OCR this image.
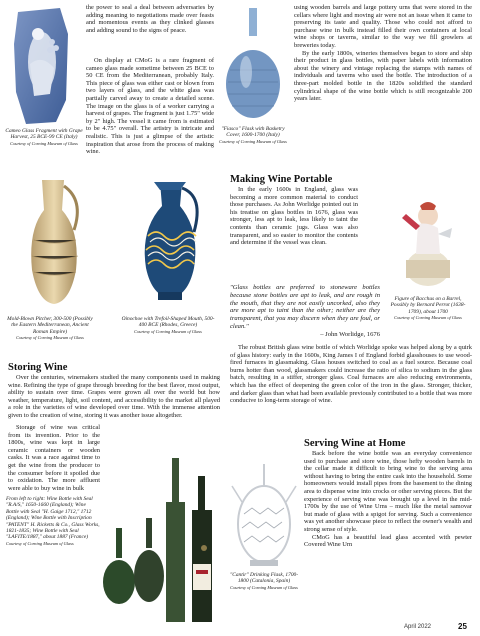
Cameo Glass Fragment with Grape Harvest, 25 BCE-99 CE (Italy)
Courtesy of Corning Museum of Glass

the power to seal a deal between adversaries by adding meaning to negotiations made over feasts and momentous events as they clinked glasses and adding sound to the signs of peace.

On display at CMoG is a rare fragment of cameo glass made sometime between 25 BCE to 50 CE from the Mediterranean, probably Italy. This piece of glass was either cast or blown from two layers of glass, and the white glass was partially carved away to create a detailed scene. The image on the glass is of a worker carrying a harvest of grapes. The fragment is just 1.75" wide by 2" high. The vessel it came from is estimated to be 4.75" overall. The artistry is intricate and realistic. This is just a glimpse of the artistic inspiration that arose from the process of making wine.

"Fiasco" Flask with Basketry Cover, 1600-1700 (Italy)
Courtesy of Corning Museum of Glass

using wooden barrels and large pottery urns that were stored in the cellars where light and moving air were not an issue when it came to preserving its taste and quality. Those who could not afford to purchase wine in bulk instead filled their own containers at local wine shops or taverns, similar to the way we fill growlers at breweries today.

By the early 1800s, wineries themselves began to store and ship their product in glass bottles, with paper labels with information about the winery and vintage replacing the stamps with names of individuals and taverns who used the bottle. The introduction of a three-part molded bottle in the 1820s solidified the standard cylindrical shape of the wine bottle which is still recognizable 200 years later.

Making Wine Portable

In the early 1600s in England, glass was becoming a more common material to conduct those purchases. As John Worlidge pointed out in his treatise on glass bottles in 1676, glass was stronger, less apt to leak, less likely to taint the contents than ceramic jugs. Glass was also transparent, and so easier to monitor the contents and determine if the vessel was clean.

Figure of Bacchus on a Barrel, Possibly by Bernard Perrot (1638-1709), about 1700
Courtesy of Corning Museum of Glass

"Glass bottles are preferred to stoneware bottles because stone bottles are apt to leak, and are rough in the mouth, that they are not easily uncorked, also they are more apt to taint than the other; neither are they transparent, that you may discern when they are foul, or clean."

– John Worlidge, 1676

Mold-Blown Pitcher, 300-500 (Possibly the Eastern Mediterranean, Ancient Roman Empire)
Courtesy of Corning Museum of Glass
Oinochoe with Trefoil-Shaped Mouth, 500-400 BCE (Rhodes, Greece)
Courtesy of Corning Museum of Glass

The robust British glass wine bottle of which Worlidge spoke was helped along by a quirk of glass history: early in the 1600s, King James I of England forbid glasshouses to use wood-fired furnaces in glassmaking. Glass houses switched to coal as a fuel source. Because coal burns hotter than wood, glassmakers could increase the ratio of silica to sodium in the glass batch, resulting in a stiffer, stronger glass. Coal furnaces are also reducing environments, which has the effect of deepening the green color of the iron in the glass. Stronger, thicker, and darker glass than what had been available previously contributed to a bottle that was more conducive to long-term storage of wine.

Storing Wine

Over the centuries, winemakers studied the many components used in making wine. Refining the type of grape through breeding for the best flavor, most output, ability to sustain over time. Grapes were grown all over the world but how weather, temperature, light, soil content, and accessibility to the market all played a role in the varieties of wine developed over time. With the immense attention given to the creation of wine, storing it was another issue altogether.

Storage of wine was critical from its invention. Prior to the 1800s, wine was kept in large ceramic containers or wooden casks. It was a race against time to get the wine from the producer to the consumer before it spoiled due to oxidation. The more affluent were able to buy wine in bulk

From left to right: Wine Bottle with Seal "R.A/S," 1650-1660 (England); Wine Bottle with Seal "H. Gaige 1712," 1712 (England); Wine Bottle with Inscription "PATENT" H. Ricketts & Co., Glass Works, 1821-1835; Wine Bottle with Seal "LAFITE/1887," about 1887 (France)
Courtesy of Corning Museum of Glass
"Cantir" Drinking Flask, 1700-1800 (Catalonia, Spain)
Courtesy of Corning Museum of Glass
Serving Wine at Home

Back before the wine bottle was an everyday convenience used to purchase and store wine, those hefty wooden barrels in the cellar made it difficult to bring wine to the serving area without having to bring the entire cask into the household. Some homeowners would install pipes from the basement to the dining area to dispense wine into crocks or other serving pieces. But the experience of serving wine was brought up a level in the mid-1700s by the use of Wine Urns – much like the metal samovar but made of glass with a spigot for serving. Such a convenience was yet another showcase piece to reflect the owner's wealth and strong sense of style.

CMoG has a beautiful lead glass accented with pewter Covered Wine Urn

April 2022	25
